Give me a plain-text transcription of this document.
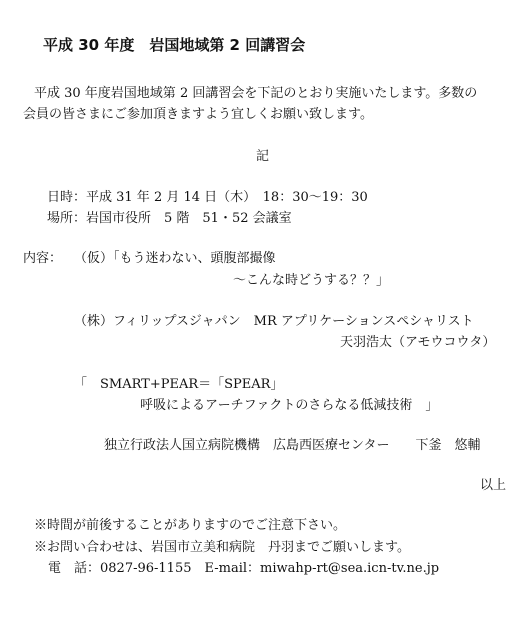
平成 30 年度　岩国地域第 2 回講習会
平成 30 年度岩国地域第 2 回講習会を下記のとおり実施いたします。多数の
会員の皆さまにご参加頂きますよう宜しくお願い致します。
記
日時：平成 31 年 2 月 14 日（木）　18：30〜19：30
場所：岩国市役所　5 階　51・52 会議室
内容： （仮）「もう迷わない、頭腹部撮像
〜こんな時どうする？？」
（株）フィリップスジャパン　MR アプリケーションスペシャリスト
天羽浩太（アモウコウタ）
「　SMART+PEAR＝「SPEAR」
呼吸によるアーチファクトのさらなる低減技術　」
独立行政法人国立病院機構　広島西医療センター　　下釜　悠輔
以上
※時間が前後することがありますのでご注意下さい。
※お問い合わせは、岩国市立美和病院　丹羽までご願いします。
電　話：0827-96-1155　E-mail：miwahp-rt@sea.icn-tv.ne.jp
